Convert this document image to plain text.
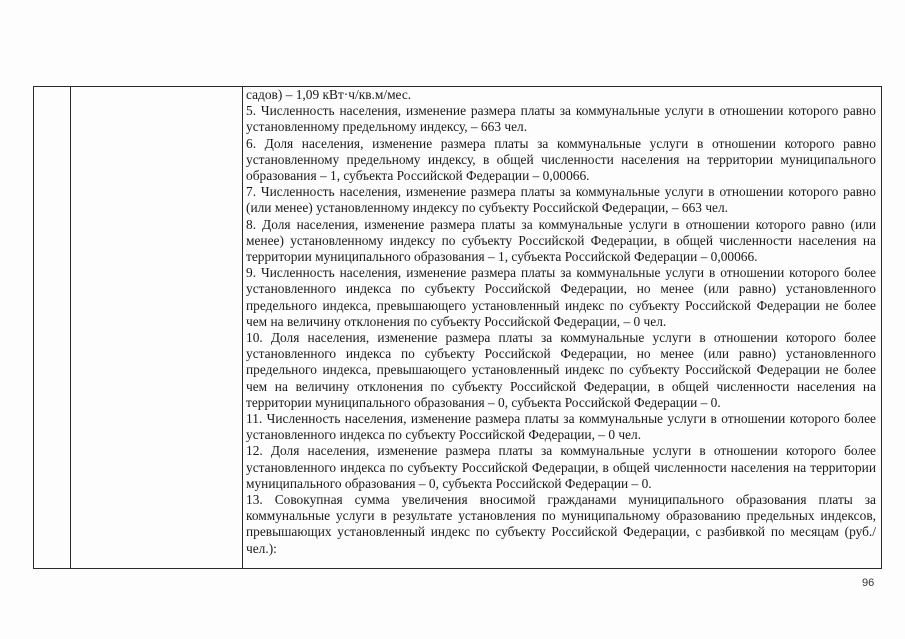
садов) – 1,09 кВт·ч/кв.м/мес.

5. Численность населения, изменение размера платы за коммунальные услуги в отношении которого равно установленному предельному индексу, – 663 чел.

6. Доля населения, изменение размера платы за коммунальные услуги в отношении которого равно установленному предельному индексу, в общей численности населения на территории муниципального образования – 1, субъекта Российской Федерации – 0,00066.

7. Численность населения, изменение размера платы за коммунальные услуги в отношении которого равно (или менее) установленному индексу по субъекту Российской Федерации, – 663 чел.

8. Доля населения, изменение размера платы за коммунальные услуги в отношении которого равно (или менее) установленному индексу по субъекту Российской Федерации, в общей численности населения на территории муниципального образования – 1, субъекта Российской Федерации – 0,00066.

9. Численность населения, изменение размера платы за коммунальные услуги в отношении которого более установленного индекса по субъекту Российской Федерации, но менее (или равно) установленного предельного индекса, превышающего установленный индекс по субъекту Российской Федерации не более чем на величину отклонения по субъекту Российской Федерации, – 0 чел.

10. Доля населения, изменение размера платы за коммунальные услуги в отношении которого более установленного индекса по субъекту Российской Федерации, но менее (или равно) установленного предельного индекса, превышающего установленный индекс по субъекту Российской Федерации не более чем на величину отклонения по субъекту Российской Федерации, в общей численности населения на территории муниципального образования – 0, субъекта Российской Федерации – 0.

11. Численность населения, изменение размера платы за коммунальные услуги в отношении которого более установленного индекса по субъекту Российской Федерации, – 0 чел.

12. Доля населения, изменение размера платы за коммунальные услуги в отношении которого более установленного индекса по субъекту Российской Федерации, в общей численности населения на территории муниципального образования – 0, субъекта Российской Федерации – 0.

13. Совокупная сумма увеличения вносимой гражданами муниципального образования платы за коммунальные услуги в результате установления по муниципальному образованию предельных индексов, превышающих установленный индекс по субъекту Российской Федерации, с разбивкой по месяцам (руб./чел.):

96
